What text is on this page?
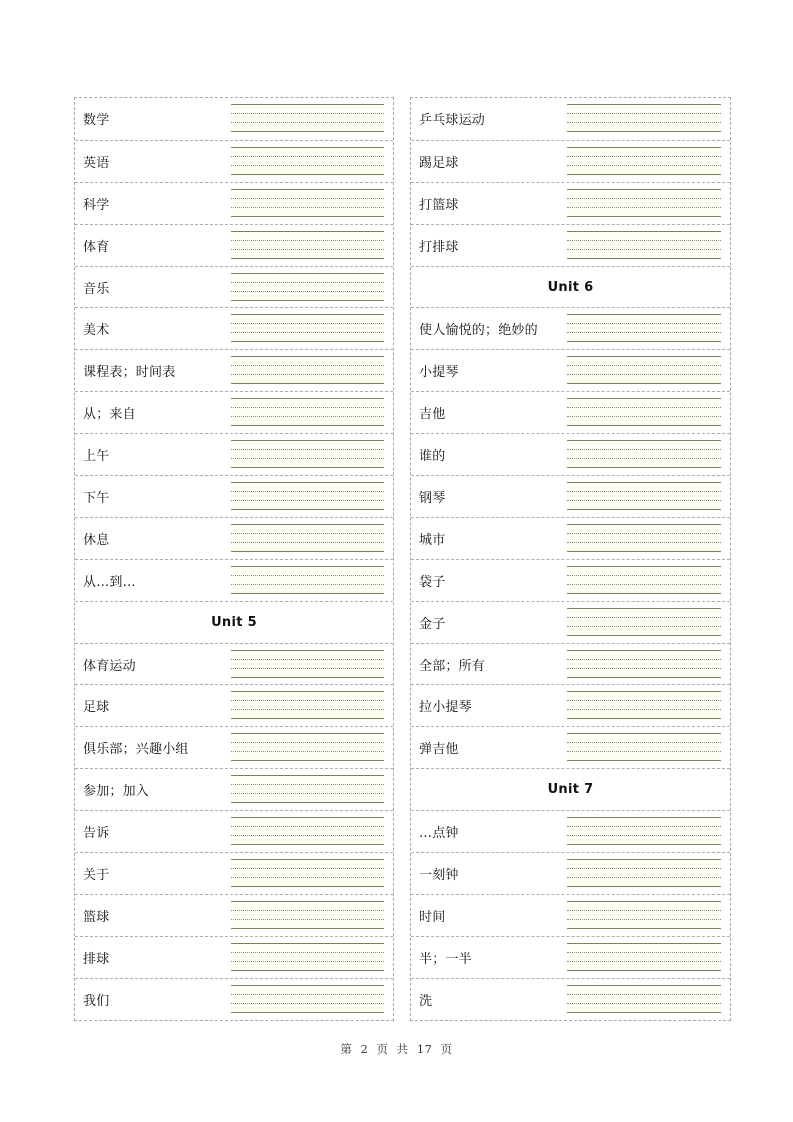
数学
英语
科学
体育
音乐
美术
课程表；时间表
从；来自
上午
下午
休息
从…到…
Unit 5
体育运动
足球
俱乐部；兴趣小组
参加；加入
告诉
关于
篮球
排球
我们
乒乓球运动
踢足球
打篮球
打排球
Unit 6
使人愉悦的；绝妙的
小提琴
吉他
谁的
钢琴
城市
袋子
金子
全部；所有
拉小提琴
弹吉他
Unit 7
…点钟
一刻钟
时间
半；一半
洗
第 2 页 共 17 页
